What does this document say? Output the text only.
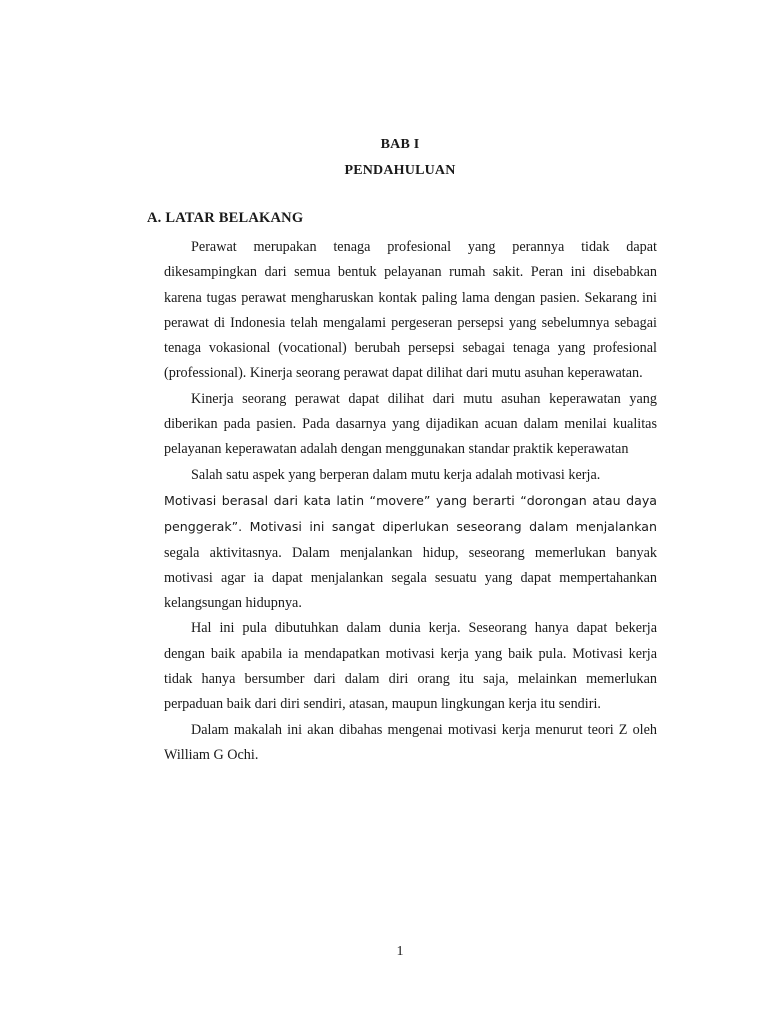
BAB I
PENDAHULUAN
A. LATAR BELAKANG

Perawat merupakan tenaga profesional yang perannya tidak dapat dikesampingkan dari semua bentuk pelayanan rumah sakit. Peran ini disebabkan karena tugas perawat mengharuskan kontak paling lama dengan pasien. Sekarang ini perawat di Indonesia telah mengalami pergeseran persepsi yang sebelumnya sebagai tenaga vokasional (vocational) berubah persepsi sebagai tenaga yang profesional (professional). Kinerja seorang perawat dapat dilihat dari mutu asuhan keperawatan.

Kinerja seorang perawat dapat dilihat dari mutu asuhan keperawatan yang diberikan pada pasien. Pada dasarnya yang dijadikan acuan dalam menilai kualitas pelayanan keperawatan adalah dengan menggunakan standar praktik keperawatan

Salah satu aspek yang berperan dalam mutu kerja adalah motivasi kerja.
Motivasi berasal dari kata latin “movere” yang berarti “dorongan atau daya penggerak”. Motivasi ini sangat diperlukan seseorang dalam menjalankan segala aktivitasnya. Dalam menjalankan hidup, seseorang memerlukan banyak motivasi agar ia dapat menjalankan segala sesuatu yang dapat mempertahankan kelangsungan hidupnya.

Hal ini pula dibutuhkan dalam dunia kerja. Seseorang hanya dapat bekerja dengan baik apabila ia mendapatkan motivasi kerja yang baik pula. Motivasi kerja tidak hanya bersumber dari dalam diri orang itu saja, melainkan memerlukan perpaduan baik dari diri sendiri, atasan, maupun lingkungan kerja itu sendiri.

Dalam makalah ini akan dibahas mengenai motivasi kerja menurut teori Z oleh William G Ochi.

1
